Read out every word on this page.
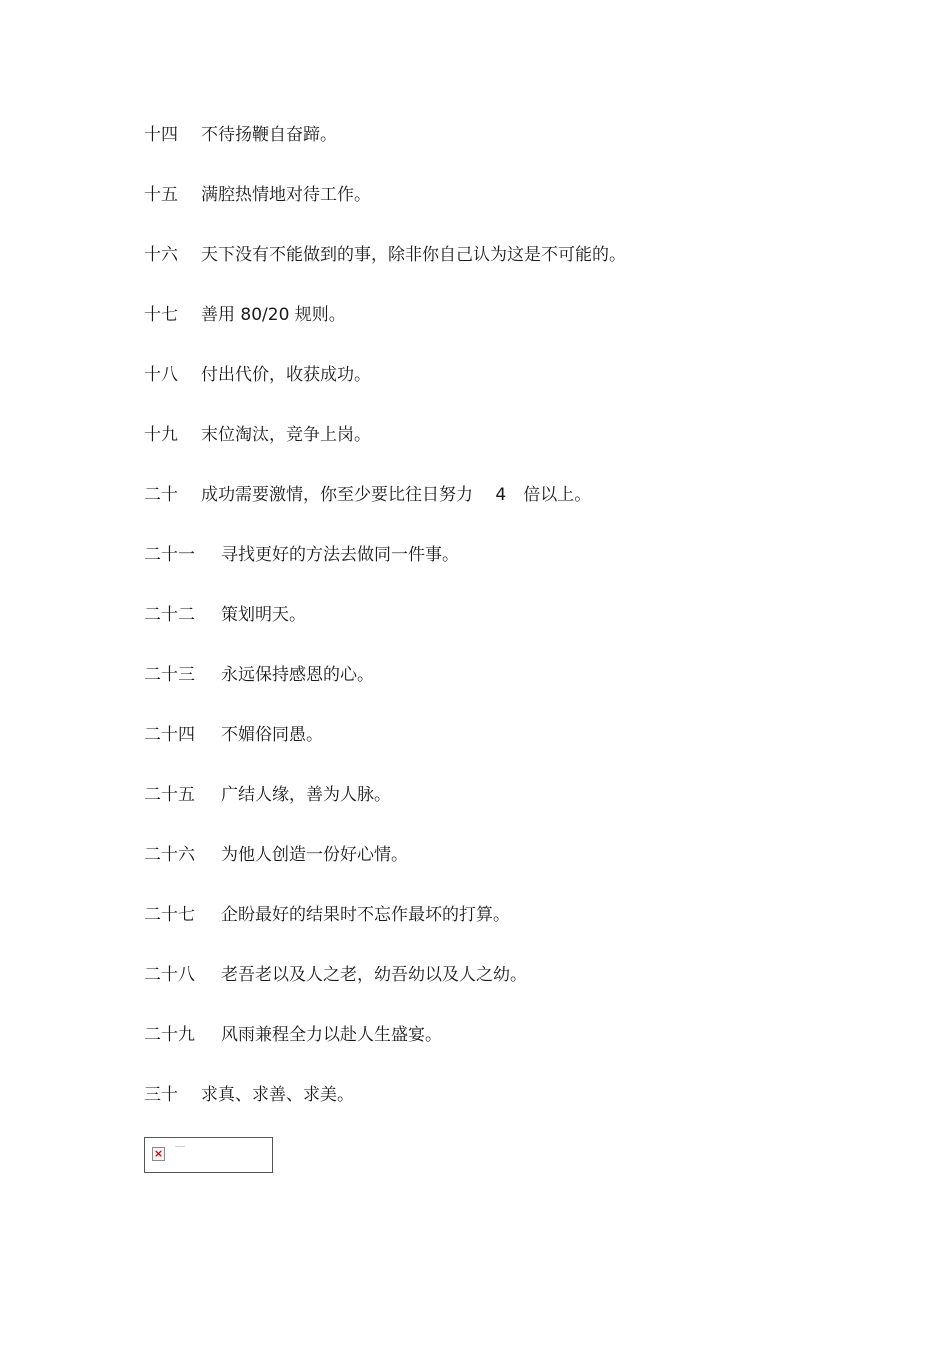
十四	不待扬鞭自奋蹄。
十五	满腔热情地对待工作。
十六	天下没有不能做到的事，除非你自己认为这是不可能的。
十七	善用 80/20 规则。
十八	付出代价，收获成功。
十九	末位淘汰，竞争上岗。
二十	成功需要激情，你至少要比往日努力　 4　倍以上。
二十一	寻找更好的方法去做同一件事。
二十二	策划明天。
二十三	永远保持感恩的心。
二十四	不媚俗同愚。
二十五	广结人缘，善为人脉。
二十六	为他人创造一份好心情。
二十七	企盼最好的结果时不忘作最坏的打算。
二十八	老吾老以及人之老，幼吾幼以及人之幼。
二十九	风雨兼程全力以赴人生盛宴。
三十	求真、求善、求美。
×	——
